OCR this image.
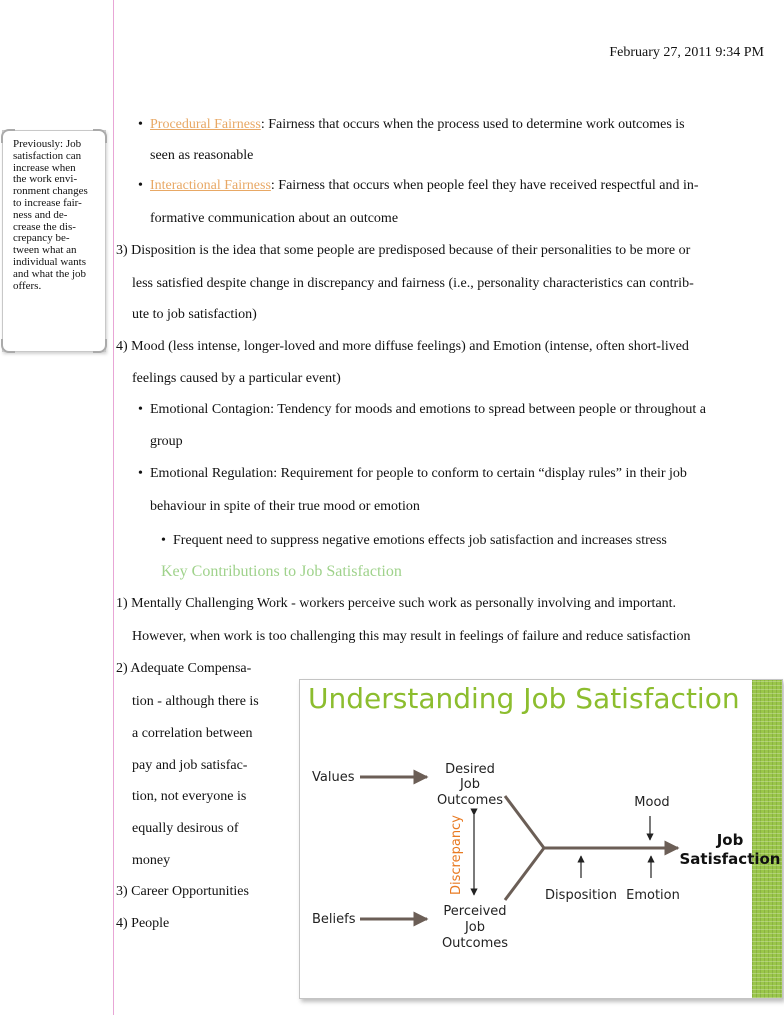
February 27, 2011 9:34 PM
Previously: Job
satisfaction can
increase when
the work envi-
ronment changes
to increase fair-
ness and de-
crease the dis-
crepancy be-
tween what an
individual wants
and what the job
offers.
• Procedural Fairness: Fairness that occurs when the process used to determine work outcomes is
seen as reasonable
• Interactional Fairness: Fairness that occurs when people feel they have received respectful and in-
formative communication about an outcome
3) Disposition is the idea that some people are predisposed because of their personalities to be more or
less satisfied despite change in discrepancy and fairness (i.e., personality characteristics can contrib-
ute to job satisfaction)
4) Mood (less intense, longer-loved and more diffuse feelings) and Emotion (intense, often short-lived
feelings caused by a particular event)
• Emotional Contagion: Tendency for moods and emotions to spread between people or throughout a
group
• Emotional Regulation: Requirement for people to conform to certain “display rules” in their job
behaviour in spite of their true mood or emotion
• Frequent need to suppress negative emotions effects job satisfaction and increases stress
Key Contributions to Job Satisfaction
1) Mentally Challenging Work - workers perceive such work as personally involving and important.
However, when work is too challenging this may result in feelings of failure and reduce satisfaction
2) Adequate Compensa-
tion - although there is
a correlation between
pay and job satisfac-
tion, not everyone is
equally desirous of
money
3) Career Opportunities
4) People
Understanding Job Satisfaction
Values
Beliefs
Desired
Job
Outcomes
Perceived
Job
Outcomes
Discrepancy
Mood
Disposition Emotion
Job
Satisfaction
